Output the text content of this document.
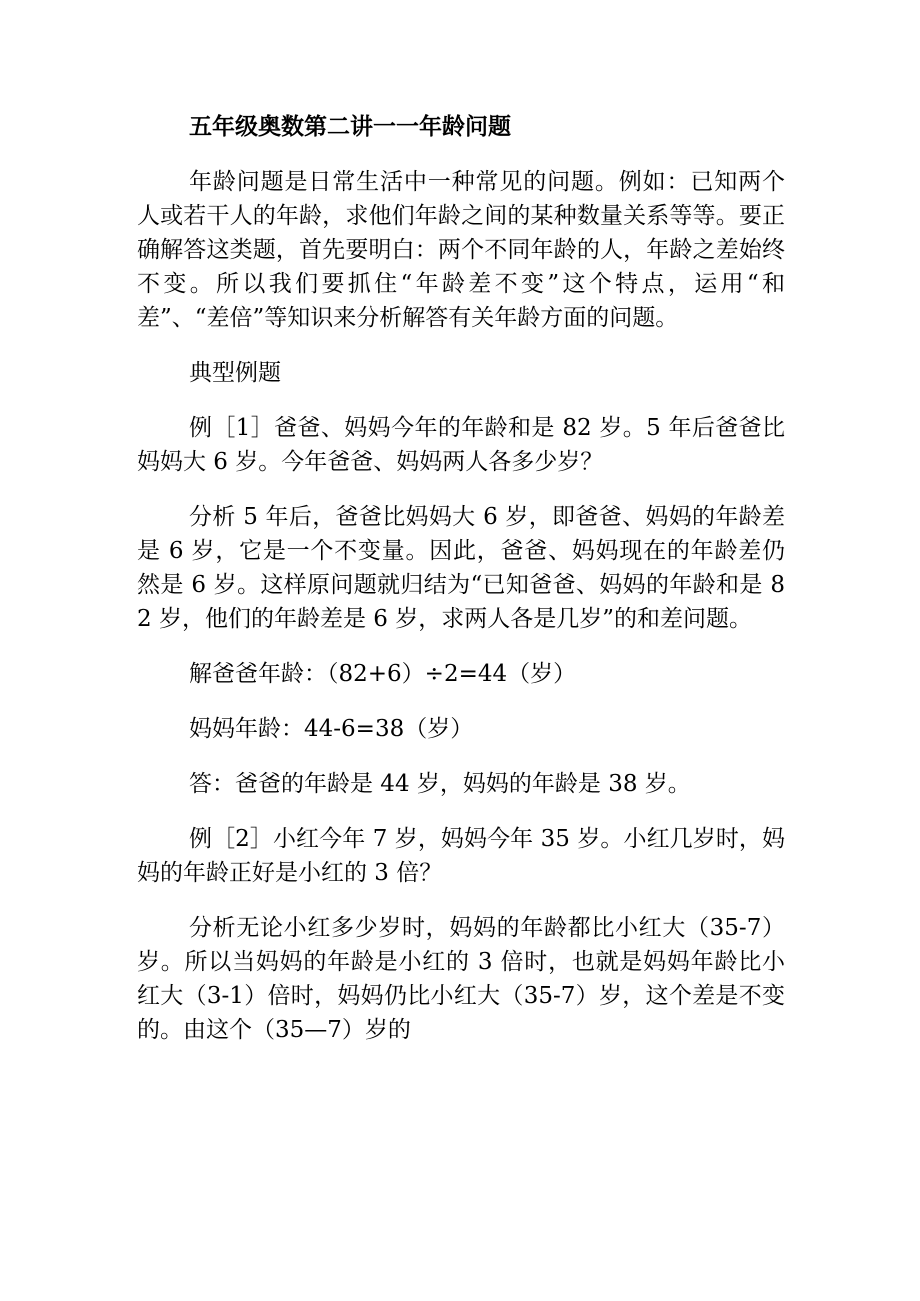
五年级奥数第二讲一一年龄问题

年龄问题是日常生活中一种常见的问题。例如：已知两个人或若干人的年龄，求他们年龄之间的某种数量关系等等。要正确解答这类题，首先要明白：两个不同年龄的人，年龄之差始终不变。所以我们要抓住“年龄差不变”这个特点，运用“和差”、“差倍”等知识来分析解答有关年龄方面的问题。

典型例题

例［1］爸爸、妈妈今年的年龄和是 82 岁。5 年后爸爸比妈妈大 6 岁。今年爸爸、妈妈两人各多少岁？

分析 5 年后，爸爸比妈妈大 6 岁，即爸爸、妈妈的年龄差是 6 岁，它是一个不变量。因此，爸爸、妈妈现在的年龄差仍然是 6 岁。这样原问题就归结为“已知爸爸、妈妈的年龄和是 82 岁，他们的年龄差是 6 岁，求两人各是几岁”的和差问题。

解爸爸年龄：（82+6）÷2=44（岁）

妈妈年龄：44-6=38（岁）

答：爸爸的年龄是 44 岁，妈妈的年龄是 38 岁。

例［2］小红今年 7 岁，妈妈今年 35 岁。小红几岁时，妈妈的年龄正好是小红的 3 倍？

分析无论小红多少岁时，妈妈的年龄都比小红大（35-7）岁。所以当妈妈的年龄是小红的 3 倍时，也就是妈妈年龄比小红大（3-1）倍时，妈妈仍比小红大（35-7）岁，这个差是不变的。由这个（35—7）岁的
